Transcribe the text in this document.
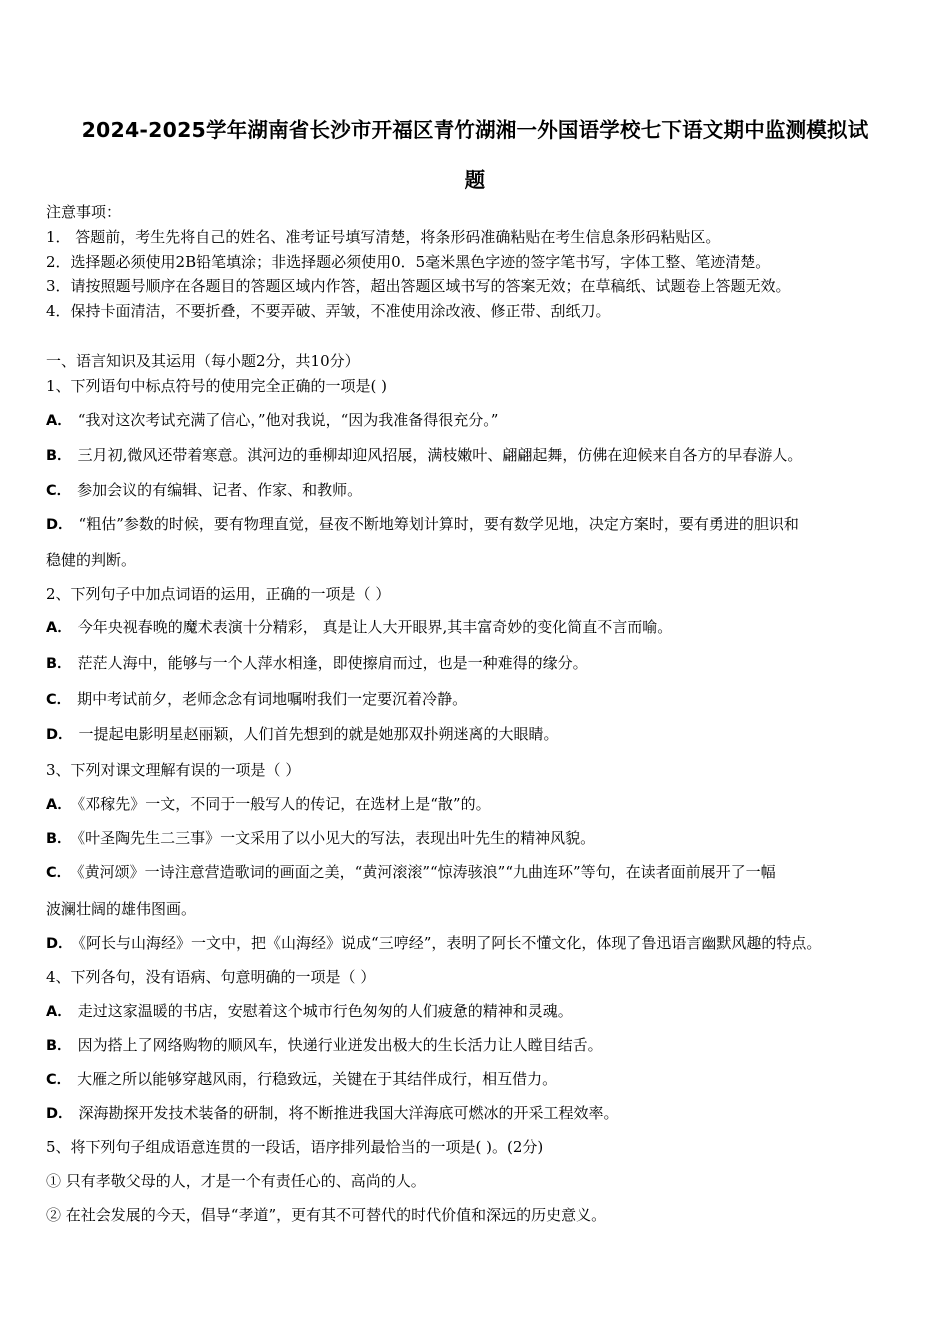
2024-2025学年湖南省长沙市开福区青竹湖湘一外国语学校七下语文期中监测模拟试
题
注意事项：
1． 答题前，考生先将自己的姓名、准考证号填写清楚，将条形码准确粘贴在考生信息条形码粘贴区。
2．选择题必须使用2B铅笔填涂；非选择题必须使用0．5毫米黑色字迹的签字笔书写，字体工整、笔迹清楚。
3．请按照题号顺序在各题目的答题区域内作答，超出答题区域书写的答案无效；在草稿纸、试题卷上答题无效。
4．保持卡面清洁，不要折叠，不要弄破、弄皱，不准使用涂改液、修正带、刮纸刀。
一、语言知识及其运用（每小题2分，共10分）
1、下列语句中标点符号的使用完全正确的一项是( )
A． “我对这次考试充满了信心，”他对我说，“因为我准备得很充分。”
B． 三月初,微风还带着寒意。淇河边的垂柳却迎风招展，满枝嫩叶、翩翩起舞，仿佛在迎候来自各方的早春游人。
C． 参加会议的有编辑、记者、作家、和教师。
D． “粗估”参数的时候，要有物理直觉，昼夜不断地筹划计算时，要有数学见地，决定方案时，要有勇进的胆识和
稳健的判断。
2、下列句子中加点词语的运用，正确的一项是（ ）
A． 今年央视春晚的魔术表演十分精彩， 真是让人大开眼界,其丰富奇妙的变化简直不言而喻。
B． 茫茫人海中，能够与一个人萍水相逢，即使擦肩而过，也是一种难得的缘分。
C． 期中考试前夕，老师念念有词地嘱咐我们一定要沉着冷静。
D． 一提起电影明星赵丽颖，人们首先想到的就是她那双扑朔迷离的大眼睛。
3、下列对课文理解有误的一项是（ ）
A． 《邓稼先》一文，不同于一般写人的传记，在选材上是“散”的。
B． 《叶圣陶先生二三事》一文采用了以小见大的写法，表现出叶先生的精神风貌。
C． 《黄河颂》一诗注意营造歌词的画面之美，“黄河滚滚”“惊涛骇浪”“九曲连环”等句，在读者面前展开了一幅
波澜壮阔的雄伟图画。
D． 《阿长与山海经》一文中，把《山海经》说成“三哼经”，表明了阿长不懂文化，体现了鲁迅语言幽默风趣的特点。
4、下列各句，没有语病、句意明确的一项是（ ）
A． 走过这家温暖的书店，安慰着这个城市行色匆匆的人们疲惫的精神和灵魂。
B． 因为搭上了网络购物的顺风车，快递行业迸发出极大的生长活力让人瞠目结舌。
C． 大雁之所以能够穿越风雨，行稳致远，关键在于其结伴成行，相互借力。
D． 深海勘探开发技术装备的研制，将不断推进我国大洋海底可燃冰的开采工程效率。
5、将下列句子组成语意连贯的一段话，语序排列最恰当的一项是( )。(2分)
① 只有孝敬父母的人，才是一个有责任心的、高尚的人。
② 在社会发展的今天，倡导“孝道”，更有其不可替代的时代价值和深远的历史意义。
